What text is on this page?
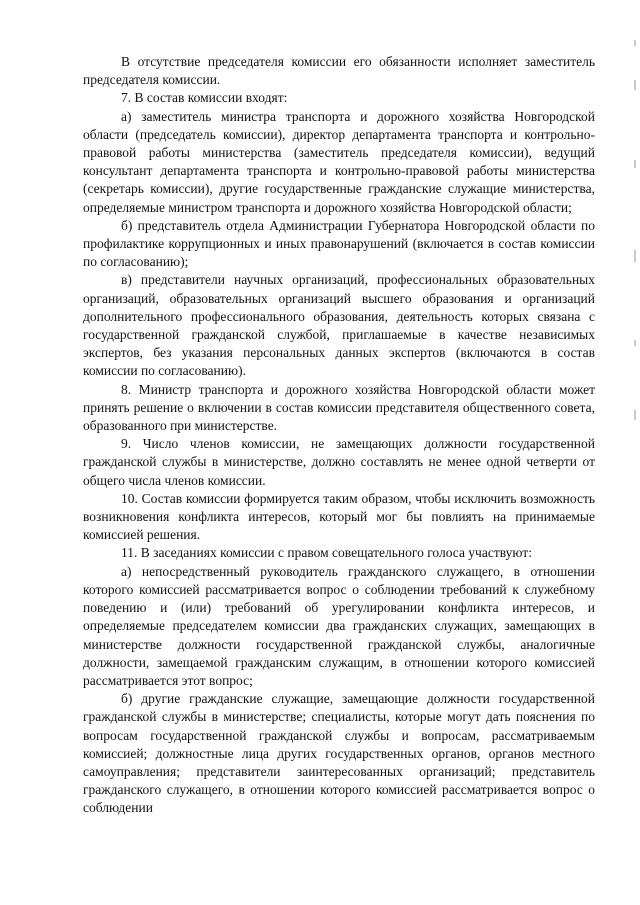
В отсутствие председателя комиссии его обязанности исполняет заместитель председателя комиссии.

7. В состав комиссии входят:

а) заместитель министра транспорта и дорожного хозяйства Новгородской области (председатель комиссии), директор департамента транспорта и контрольно-правовой работы министерства (заместитель председателя комиссии), ведущий консультант департамента транспорта и контрольно-правовой работы министерства (секретарь комиссии), другие государственные гражданские служащие министерства, определяемые министром транспорта и дорожного хозяйства Новгородской области;

б) представитель отдела Администрации Губернатора Новгородской области по профилактике коррупционных и иных правонарушений (включается в состав комиссии по согласованию);

в) представители научных организаций, профессиональных образовательных организаций, образовательных организаций высшего образования и организаций дополнительного профессионального образования, деятельность которых связана с государственной гражданской службой, приглашаемые в качестве независимых экспертов, без указания персональных данных экспертов (включаются в состав комиссии по согласованию).

8. Министр транспорта и дорожного хозяйства Новгородской области может принять решение о включении в состав комиссии представителя общественного совета, образованного при министерстве.

9. Число членов комиссии, не замещающих должности государственной гражданской службы в министерстве, должно составлять не менее одной четверти от общего числа членов комиссии.

10. Состав комиссии формируется таким образом, чтобы исключить возможность возникновения конфликта интересов, который мог бы повлиять на принимаемые комиссией решения.

11. В заседаниях комиссии с правом совещательного голоса участвуют:

а) непосредственный руководитель гражданского служащего, в отношении которого комиссией рассматривается вопрос о соблюдении требований к служебному поведению и (или) требований об урегулировании конфликта интересов, и определяемые председателем комиссии два гражданских служащих, замещающих в министерстве должности государственной гражданской службы, аналогичные должности, замещаемой гражданским служащим, в отношении которого комиссией рассматривается этот вопрос;

б) другие гражданские служащие, замещающие должности государственной гражданской службы в министерстве; специалисты, которые могут дать пояснения по вопросам государственной гражданской службы и вопросам, рассматриваемым комиссией; должностные лица других государственных органов, органов местного самоуправления; представители заинтересованных организаций; представитель гражданского служащего, в отношении которого комиссией рассматривается вопрос о соблюдении
